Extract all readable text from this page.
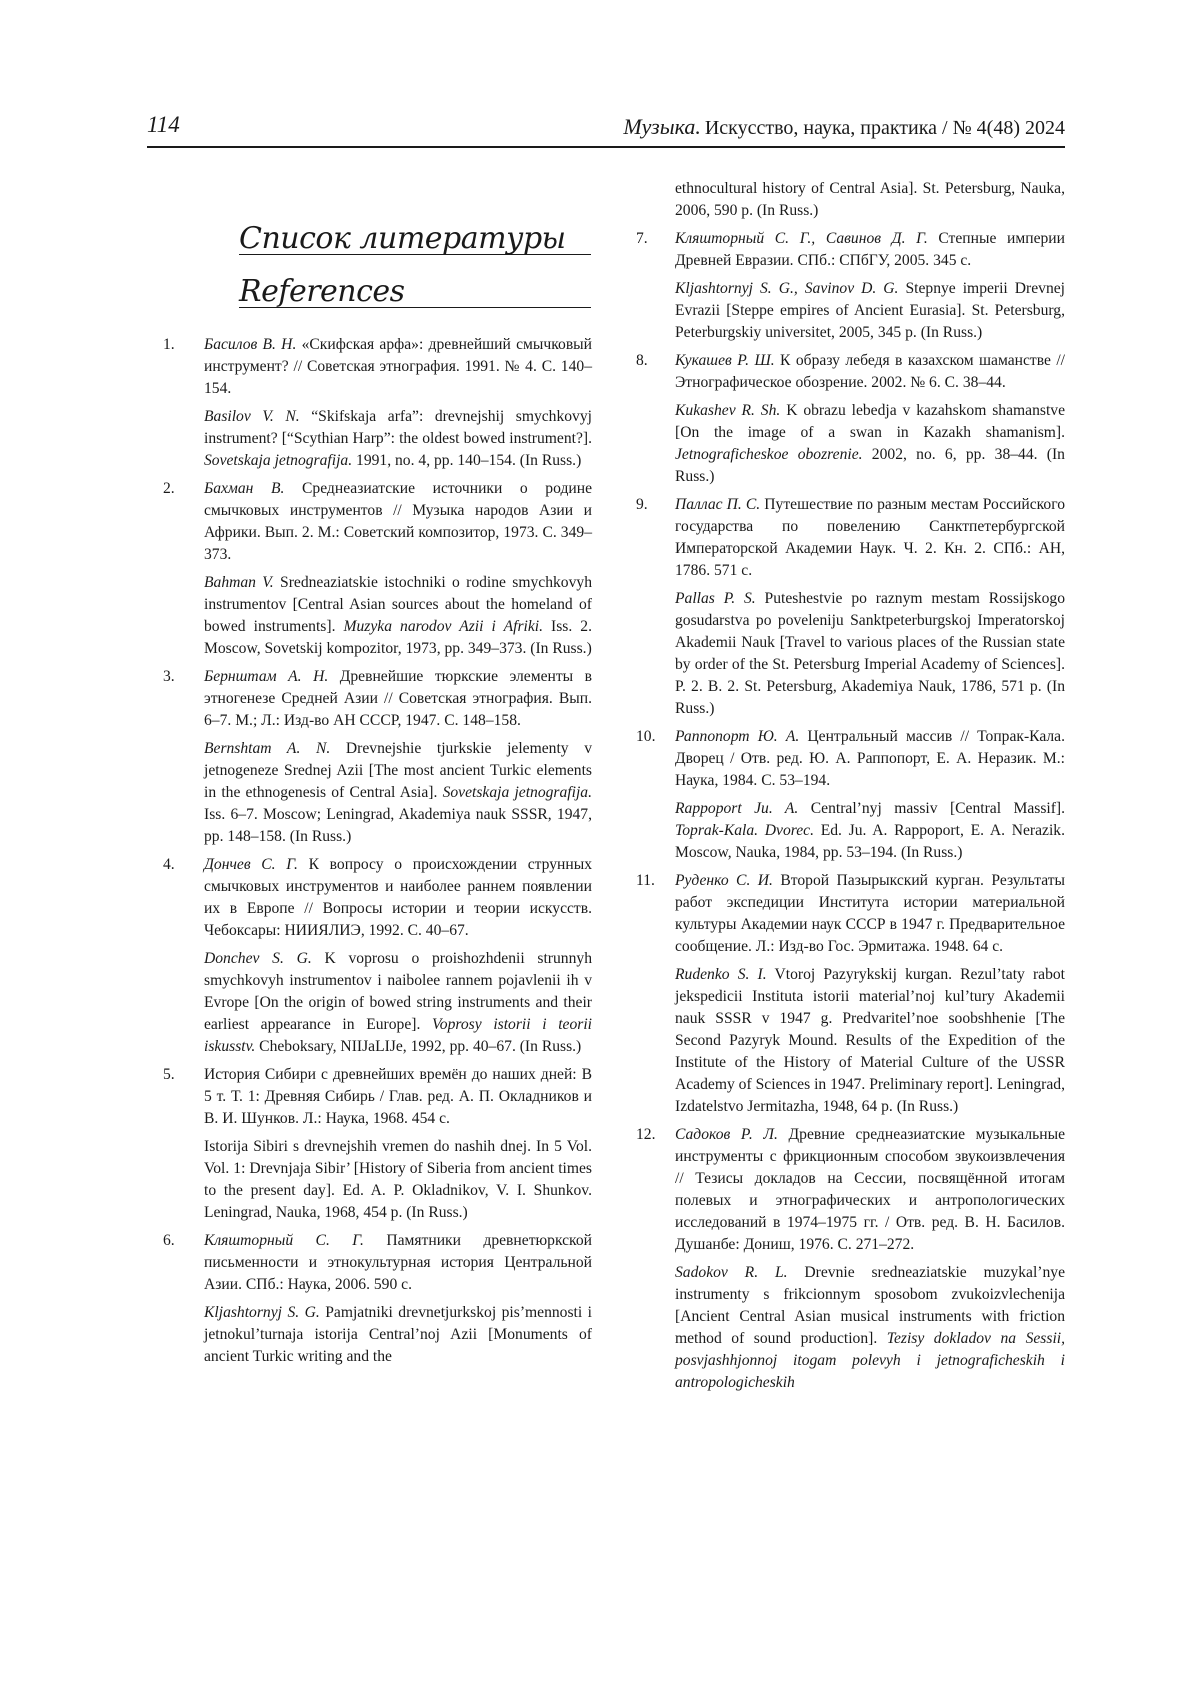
114	Музыка. Искусство, наука, практика / № 4(48) 2024
Список литературы
References
1. Басилов В. Н. «Скифская арфа»: древнейший смычковый инструмент? // Советская этнография. 1991. № 4. С. 140–154.
Basilov V. N. “Skifskaja arfa”: drevnejshij smychkovyj instrument? [“Scythian Harp”: the oldest bowed instrument?]. Sovetskaja jetnografija. 1991, no. 4, pp. 140–154. (In Russ.)
2. Бахман В. Среднеазиатские источники о родине смычковых инструментов // Музыка народов Азии и Африки. Вып. 2. М.: Советский композитор, 1973. С. 349–373.
Bahman V. Sredneaziatskie istochniki o rodine smychkovyh instrumentov [Central Asian sources about the homeland of bowed instruments]. Muzyka narodov Azii i Afriki. Iss. 2. Moscow, Sovetskij kompozitor, 1973, pp. 349–373. (In Russ.)
3. Бернштам А. Н. Древнейшие тюркские элементы в этногенезе Средней Азии // Советская этнография. Вып. 6–7. М.; Л.: Изд-во АН СССР, 1947. С. 148–158.
Bernshtam A. N. Drevnejshie tjurkskie jelementy v jetnogeneze Srednej Azii [The most ancient Turkic elements in the ethnogenesis of Central Asia]. Sovetskaja jetnografija. Iss. 6–7. Moscow; Leningrad, Akademiya nauk SSSR, 1947, pp. 148–158. (In Russ.)
4. Дончев С. Г. К вопросу о происхождении струнных смычковых инструментов и наиболее раннем появлении их в Европе // Вопросы истории и теории искусств. Чебоксары: НИИЯЛИЭ, 1992. С. 40–67.
Donchev S. G. K voprosu o proishozhdenii strunnyh smychkovyh instrumentov i naibolee rannem pojavlenii ih v Evrope [On the origin of bowed string instruments and their earliest appearance in Europe]. Voprosy istorii i teorii iskusstv. Cheboksary, NIIJaLIJe, 1992, pp. 40–67. (In Russ.)
5. История Сибири с древнейших времён до наших дней: В 5 т. Т. 1: Древняя Сибирь / Глав. ред. А. П. Окладников и В. И. Шунков. Л.: Наука, 1968. 454 с.
Istorija Sibiri s drevnejshih vremen do nashih dnej. In 5 Vol. Vol. 1: Drevnjaja Sibir’ [History of Siberia from ancient times to the present day]. Ed. A. P. Okladnikov, V. I. Shunkov. Leningrad, Nauka, 1968, 454 p. (In Russ.)
6. Кляшторный С. Г. Памятники древнетюркской письменности и этнокультурная история Центральной Азии. СПб.: Наука, 2006. 590 с.
Kljashtornyj S. G. Pamjatniki drevnetjurkskoj pis’mennosti i jetnokul’turnaja istorija Central’noj Azii [Monuments of ancient Turkic writing and the
ethnocultural history of Central Asia]. St. Petersburg, Nauka, 2006, 590 p. (In Russ.)
7. Кляшторный С. Г., Савинов Д. Г. Степные империи Древней Евразии. СПб.: СПбГУ, 2005. 345 с.
Kljashtornyj S. G., Savinov D. G. Stepnye imperii Drevnej Evrazii [Steppe empires of Ancient Eurasia]. St. Petersburg, Peterburgskiy universitet, 2005, 345 p. (In Russ.)
8. Кукашев Р. Ш. К образу лебедя в казахском шаманстве // Этнографическое обозрение. 2002. № 6. С. 38–44.
Kukashev R. Sh. K obrazu lebedja v kazahskom shamanstve [On the image of a swan in Kazakh shamanism]. Jetnograficheskoe obozrenie. 2002, no. 6, pp. 38–44. (In Russ.)
9. Паллас П. С. Путешествие по разным местам Российского государства по повелению Санктпетербургской Императорской Академии Наук. Ч. 2. Кн. 2. СПб.: АН, 1786. 571 с.
Pallas P. S. Puteshestvie po raznym mestam Rossijskogo gosudarstva po poveleniju Sanktpeterburgskoj Imperatorskoj Akademii Nauk [Travel to various places of the Russian state by order of the St. Petersburg Imperial Academy of Sciences]. P. 2. B. 2. St. Petersburg, Akademiya Nauk, 1786, 571 p. (In Russ.)
10. Раппопорт Ю. А. Центральный массив // Топрак-Кала. Дворец / Отв. ред. Ю. А. Раппопорт, Е. А. Неразик. М.: Наука, 1984. С. 53–194.
Rappoport Ju. A. Central’nyj massiv [Central Massif]. Toprak-Kala. Dvorec. Ed. Ju. A. Rappoport, E. A. Nerazik. Moscow, Nauka, 1984, pp. 53–194. (In Russ.)
11. Руденко С. И. Второй Пазырыкский курган. Результаты работ экспедиции Института истории материальной культуры Академии наук СССР в 1947 г. Предварительное сообщение. Л.: Изд-во Гос. Эрмитажа. 1948. 64 с.
Rudenko S. I. Vtoroj Pazyrykskij kurgan. Rezul’taty rabot jekspedicii Instituta istorii material’noj kul’tury Akademii nauk SSSR v 1947 g. Predvaritel’noe soobshhenie [The Second Pazyryk Mound. Results of the Expedition of the Institute of the History of Material Culture of the USSR Academy of Sciences in 1947. Preliminary report]. Leningrad, Izdatelstvo Jermitazha, 1948, 64 p. (In Russ.)
12. Садоков Р. Л. Древние среднеазиатские музыкальные инструменты с фрикционным способом звукоизвлечения // Тезисы докладов на Сессии, посвящённой итогам полевых и этнографических и антропологических исследований в 1974–1975 гг. / Отв. ред. В. Н. Басилов. Душанбе: Дониш, 1976. С. 271–272.
Sadokov R. L. Drevnie sredneaziatskie muzykal’nye instrumenty s frikcionnym sposobom zvukoizvlechenija [Ancient Central Asian musical instruments with friction method of sound production]. Tezisy dokladov na Sessii, posvjashhjonnoj itogam polevyh i jetnograficheskih i antropologicheskih
